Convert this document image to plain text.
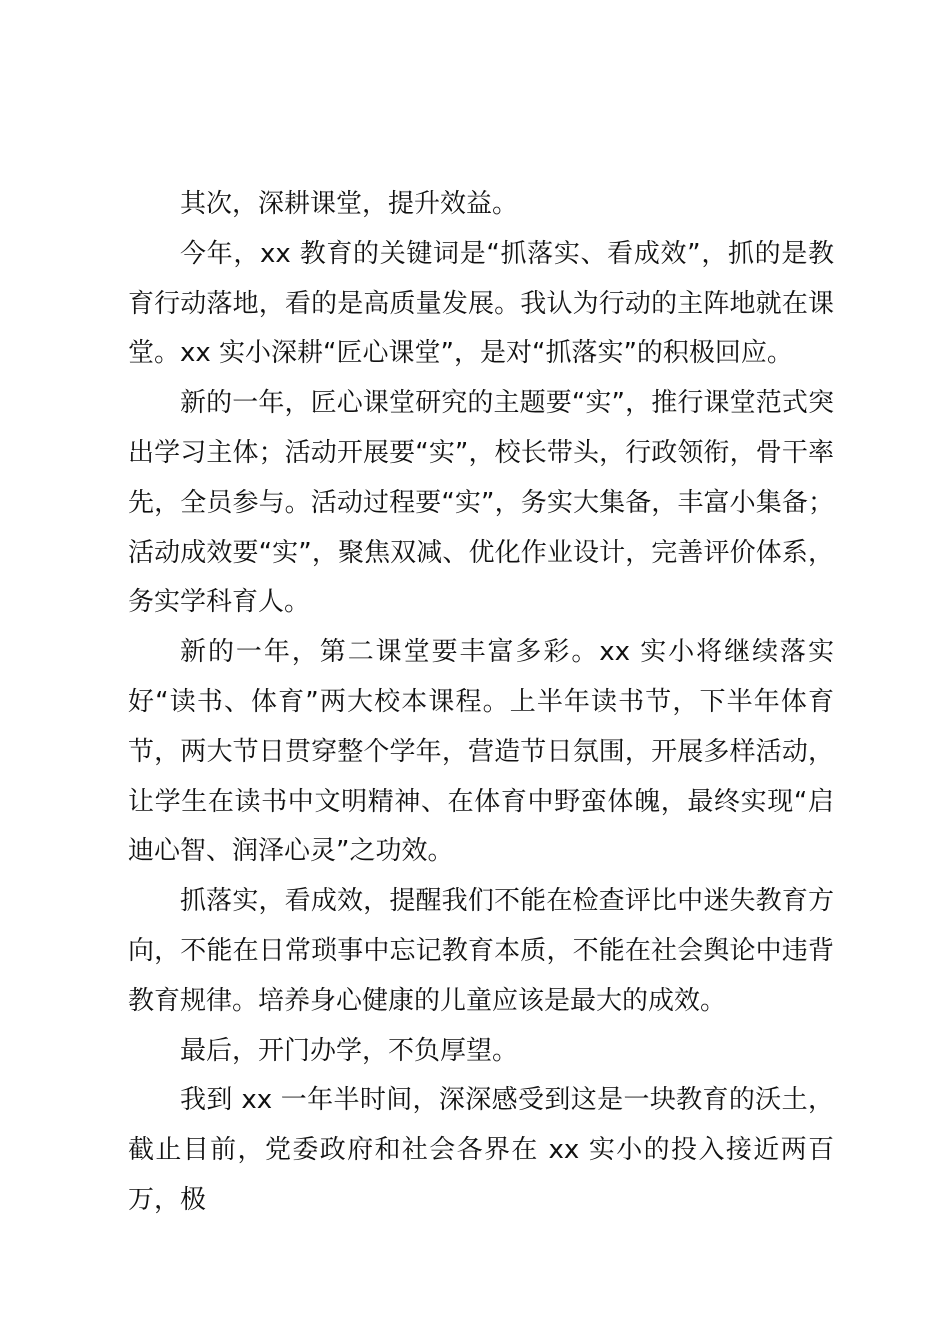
其次，深耕课堂，提升效益。

今年，xx 教育的关键词是“抓落实、看成效”，抓的是教育行动落地，看的是高质量发展。我认为行动的主阵地就在课堂。xx 实小深耕“匠心课堂”，是对“抓落实”的积极回应。

新的一年，匠心课堂研究的主题要“实”，推行课堂范式突出学习主体；活动开展要“实”，校长带头，行政领衔，骨干率先，全员参与。活动过程要“实”，务实大集备，丰富小集备；活动成效要“实”，聚焦双减、优化作业设计，完善评价体系，务实学科育人。

新的一年，第二课堂要丰富多彩。xx 实小将继续落实好“读书、体育”两大校本课程。上半年读书节，下半年体育节，两大节日贯穿整个学年，营造节日氛围，开展多样活动，让学生在读书中文明精神、在体育中野蛮体魄，最终实现“启迪心智、润泽心灵”之功效。

抓落实，看成效，提醒我们不能在检查评比中迷失教育方向，不能在日常琐事中忘记教育本质，不能在社会舆论中违背教育规律。培养身心健康的儿童应该是最大的成效。

最后，开门办学，不负厚望。

我到 xx 一年半时间，深深感受到这是一块教育的沃土，截止目前，党委政府和社会各界在 xx 实小的投入接近两百万，极
